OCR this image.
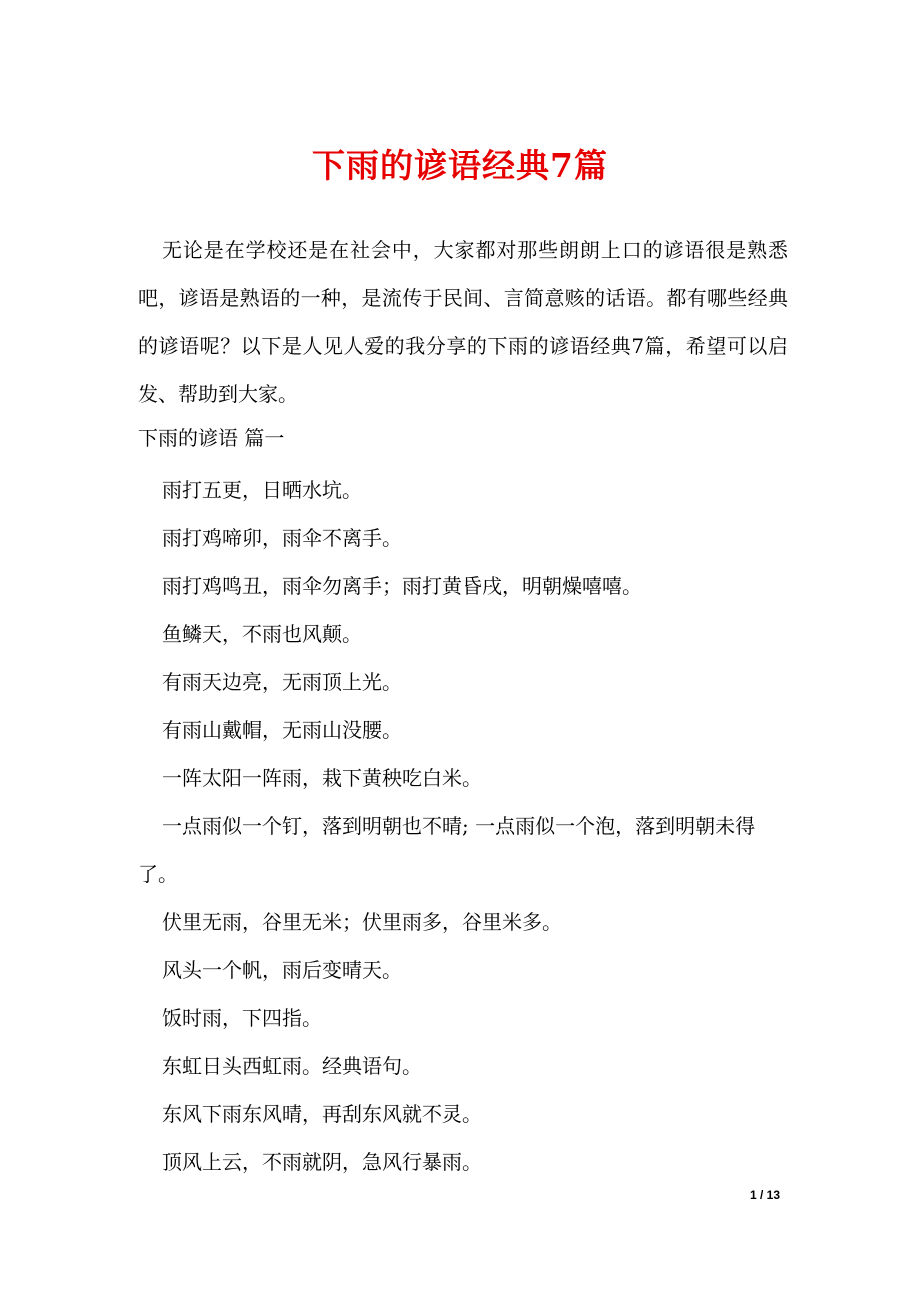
下雨的谚语经典7篇

无论是在学校还是在社会中，大家都对那些朗朗上口的谚语很是熟悉吧，谚语是熟语的一种，是流传于民间、言简意赅的话语。都有哪些经典的谚语呢？以下是人见人爱的我分享的下雨的谚语经典7篇，希望可以启发、帮助到大家。

下雨的谚语 篇一

雨打五更，日晒水坑。
雨打鸡啼卯，雨伞不离手。
雨打鸡鸣丑，雨伞勿离手；雨打黄昏戌，明朝燥嘻嘻。
鱼鳞天，不雨也风颠。
有雨天边亮，无雨顶上光。
有雨山戴帽，无雨山没腰。
一阵太阳一阵雨，栽下黄秧吃白米。
一点雨似一个钉，落到明朝也不晴; 一点雨似一个泡，落到明朝未得了。
伏里无雨，谷里无米；伏里雨多，谷里米多。
风头一个帆，雨后变晴天。
饭时雨，下四指。
东虹日头西虹雨。经典语句。
东风下雨东风晴，再刮东风就不灵。
顶风上云，不雨就阴，急风行暴雨。
1 / 13
